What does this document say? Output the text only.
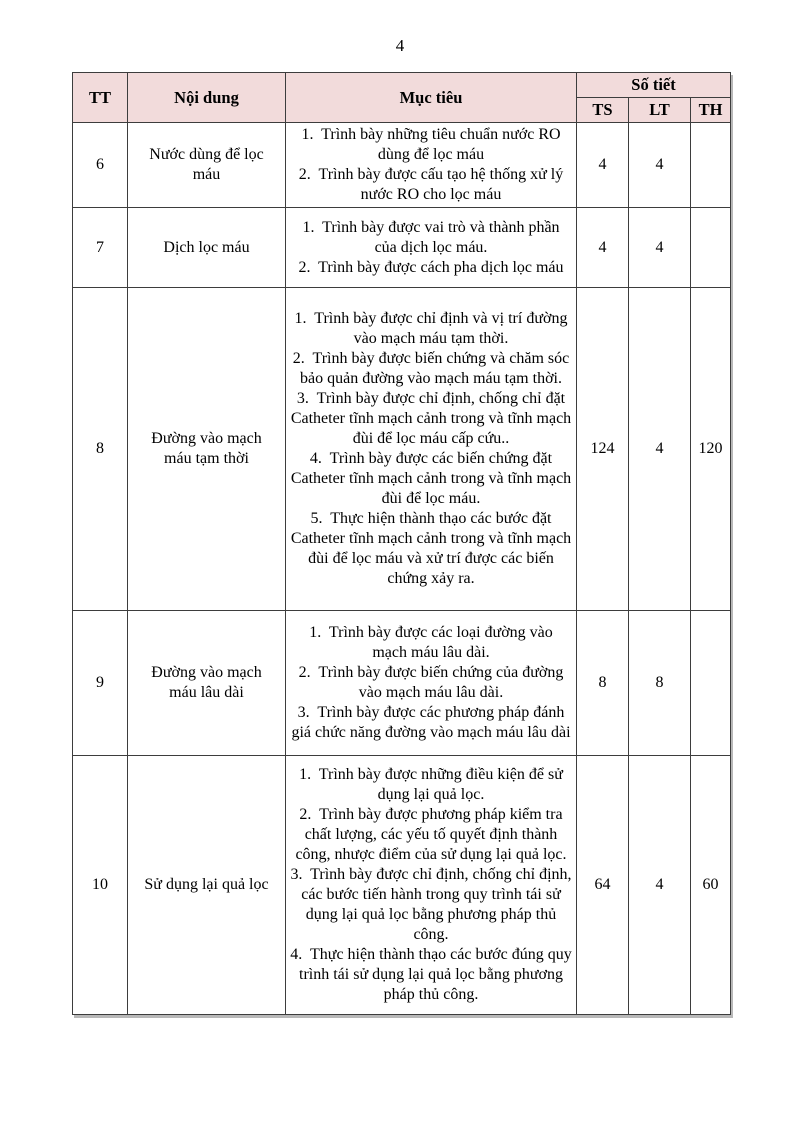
4
TT	Nội dung	Mục tiêu	Số tiết		
			TS	LT	TH
6	Nước dùng để lọc máu	1.  Trình bày những tiêu chuẩn nước RO dùng để lọc máu
2.  Trình bày được cấu tạo hệ thống xử lý nước RO cho lọc máu	4	4	
7	Dịch lọc máu	1.  Trình bày được vai trò và thành phần của dịch lọc máu.
2.  Trình bày được cách pha dịch lọc máu	4	4	
8	Đường vào mạch máu tạm thời	1.  Trình bày được chỉ định và vị trí đường vào mạch máu tạm thời.
2.  Trình bày được biến chứng và chăm sóc bảo quản đường vào mạch máu tạm thời.
3.  Trình bày được chỉ định, chống chỉ đặt Catheter tĩnh mạch cảnh trong và tĩnh mạch đùi để lọc máu cấp cứu..
4.  Trình bày được các biến chứng đặt Catheter tĩnh mạch cảnh trong và tĩnh mạch đùi để lọc máu.
5.  Thực hiện thành thạo các bước đặt Catheter tĩnh mạch cảnh trong và tĩnh mạch đùi để lọc máu và xử trí được các biến chứng xảy ra.	124	4	120
9	Đường vào mạch máu lâu dài	1.  Trình bày được các loại đường vào mạch máu lâu dài.
2.  Trình bày được biến chứng của đường vào mạch máu lâu dài.
3.  Trình bày được các phương pháp đánh giá chức năng đường vào mạch máu lâu dài	8	8	
10	Sử dụng lại quả lọc	1.  Trình bày được những điều kiện để sử dụng lại quả lọc.
2.  Trình bày được phương pháp kiểm tra chất lượng, các yếu tố quyết định thành công, nhược điểm của sử dụng lại quả lọc.
3.  Trình bày được chỉ định, chống chỉ định, các bước tiến hành trong quy trình tái sử dụng lại quả lọc bằng phương pháp thủ công.
4.  Thực hiện thành thạo các bước đúng quy trình tái sử dụng lại quả lọc bằng phương pháp thủ công.	64	4	60
